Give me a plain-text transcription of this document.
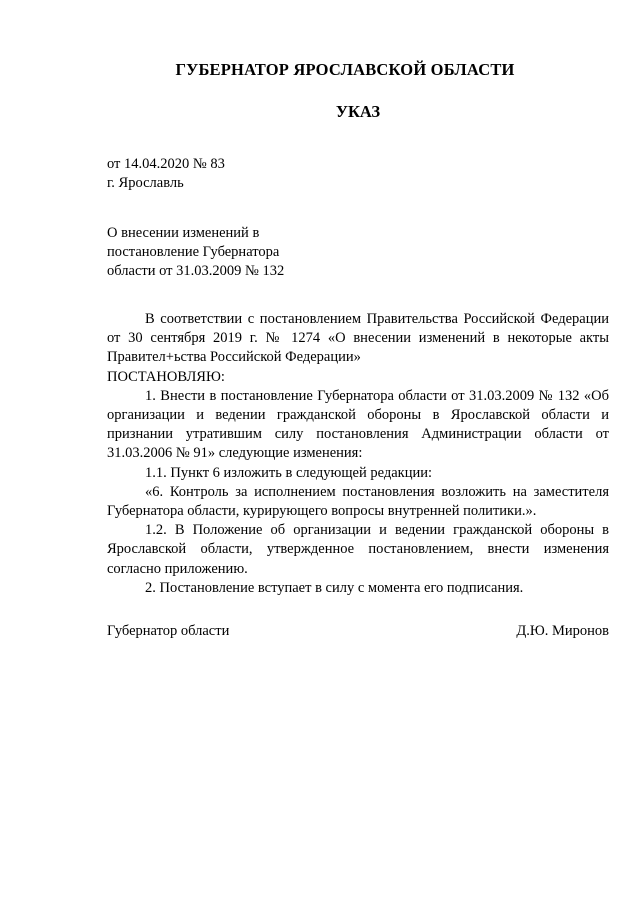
ГУБЕРНАТОР ЯРОСЛАВСКОЙ ОБЛАСТИ
УКАЗ
от 14.04.2020 № 83
г. Ярославль
О внесении изменений в
постановление Губернатора
области от 31.03.2009 № 132

В соответствии с постановлением Правительства Российской Федерации от 30 сентября 2019 г. № 1274 «О внесении изменений в некоторые акты Правител+ьства Российской Федерации»

ПОСТАНОВЛЯЮ:

1. Внести в постановление Губернатора области от 31.03.2009 № 132 «Об организации и ведении гражданской обороны в Ярославской области и признании утратившим силу постановления Администрации области от 31.03.2006 № 91» следующие изменения:

1.1. Пункт 6 изложить в следующей редакции:

«6. Контроль за исполнением постановления возложить на заместителя Губернатора области, курирующего вопросы внутренней политики.».

1.2. В Положение об организации и ведении гражданской обороны в Ярославской области, утвержденное постановлением, внести изменения согласно приложению.

2. Постановление вступает в силу с момента его подписания.

Губернатор области	Д.Ю. Миронов
